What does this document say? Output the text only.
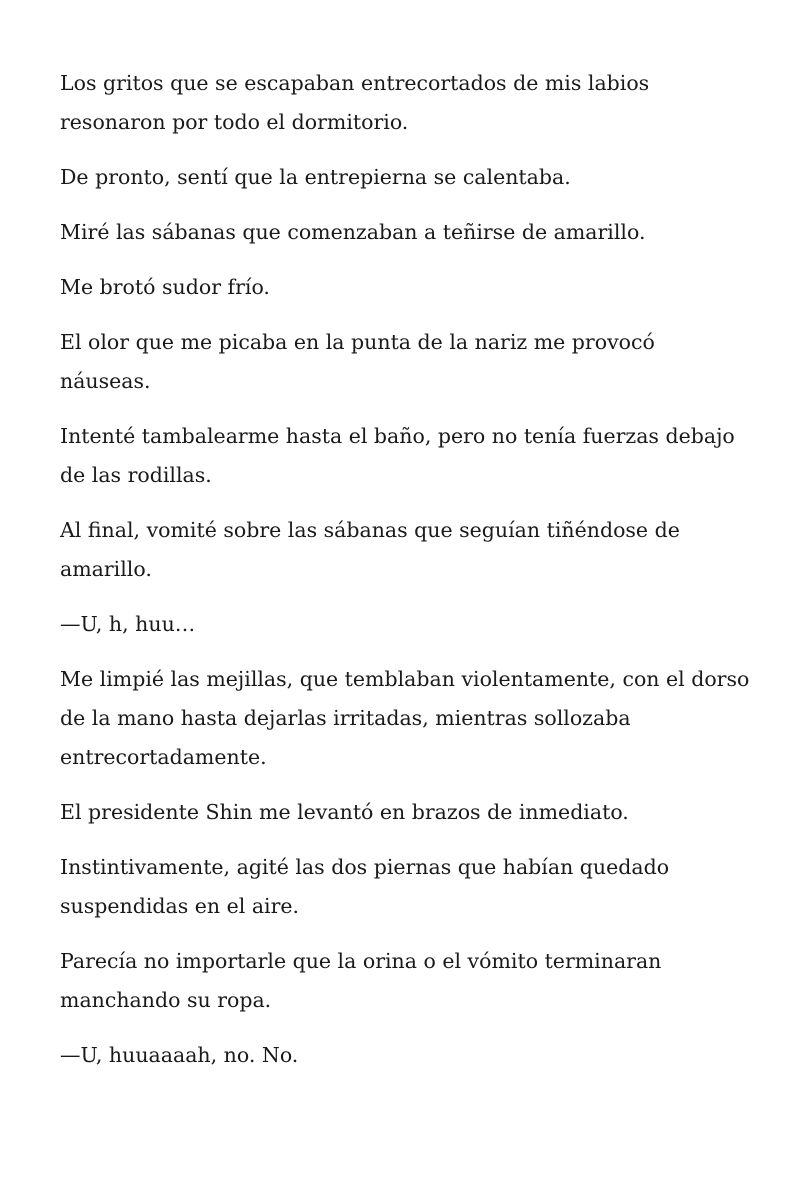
Los gritos que se escapaban entrecortados de mis labios resonaron por todo el dormitorio.

De pronto, sentí que la entrepierna se calentaba.

Miré las sábanas que comenzaban a teñirse de amarillo.

Me brotó sudor frío.

El olor que me picaba en la punta de la nariz me provocó náuseas.

Intenté tambalearme hasta el baño, pero no tenía fuerzas debajo de las rodillas.

Al final, vomité sobre las sábanas que seguían tiñéndose de amarillo.

—U, h, huu…

Me limpié las mejillas, que temblaban violentamente, con el dorso de la mano hasta dejarlas irritadas, mientras sollozaba entrecortadamente.

El presidente Shin me levantó en brazos de inmediato.

Instintivamente, agité las dos piernas que habían quedado suspendidas en el aire.

Parecía no importarle que la orina o el vómito terminaran manchando su ropa.

—U, huuaaaah, no. No.
